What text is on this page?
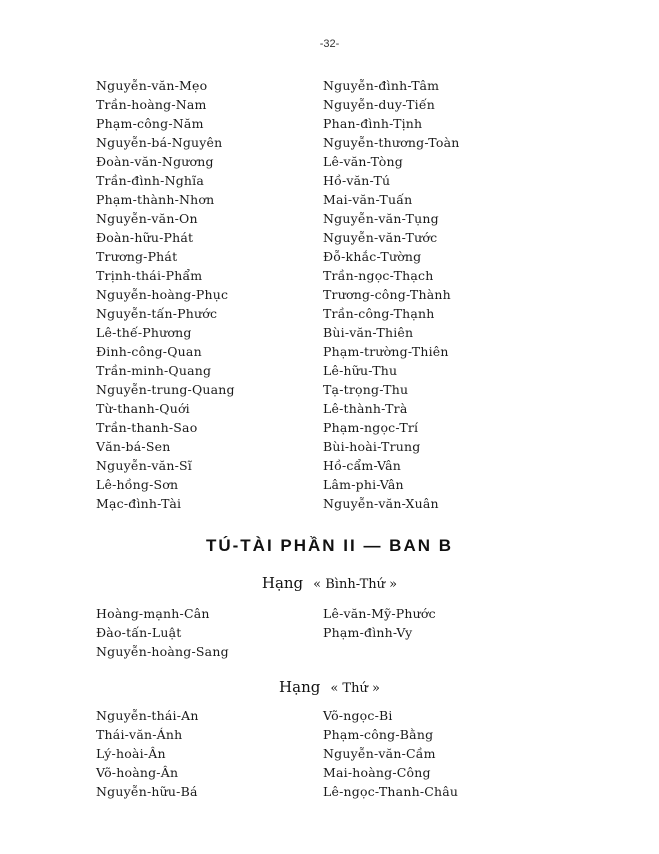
-32-
Nguyễn-văn-Mẹo
Trần-hoàng-Nam
Phạm-công-Năm
Nguyễn-bá-Nguyên
Đoàn-văn-Ngương
Trần-đình-Nghĩa
Phạm-thành-Nhơn
Nguyễn-văn-On
Đoàn-hữu-Phát
Trương-Phát
Trịnh-thái-Phẩm
Nguyễn-hoàng-Phục
Nguyễn-tấn-Phước
Lê-thế-Phương
Đinh-công-Quan
Trần-minh-Quang
Nguyễn-trung-Quang
Từ-thanh-Quới
Trần-thanh-Sao
Văn-bá-Sen
Nguyễn-văn-Sĩ
Lê-hồng-Sơn
Mạc-đình-Tài
Nguyễn-đình-Tâm
Nguyễn-duy-Tiến
Phan-đình-Tịnh
Nguyễn-thương-Toàn
Lê-văn-Tòng
Hồ-văn-Tú
Mai-văn-Tuấn
Nguyễn-văn-Tụng
Nguyễn-văn-Tước
Đỗ-khắc-Tường
Trần-ngọc-Thạch
Trương-công-Thành
Trần-công-Thạnh
Bùi-văn-Thiên
Phạm-trường-Thiên
Lê-hữu-Thu
Tạ-trọng-Thu
Lê-thành-Trà
Phạm-ngọc-Trí
Bùi-hoài-Trung
Hồ-cẩm-Vân
Lâm-phi-Vân
Nguyễn-văn-Xuân
TÚ-TÀI PHẦN II — BAN B
Hạng « Bình-Thứ »
Hoàng-mạnh-Cân
Đào-tấn-Luật
Nguyễn-hoàng-Sang
Lê-văn-Mỹ-Phước
Phạm-đình-Vy
Hạng « Thứ »
Nguyễn-thái-An
Thái-văn-Ánh
Lý-hoài-Ân
Võ-hoàng-Ân
Nguyễn-hữu-Bá
Võ-ngọc-Bi
Phạm-công-Bằng
Nguyễn-văn-Cầm
Mai-hoàng-Công
Lê-ngọc-Thanh-Châu
